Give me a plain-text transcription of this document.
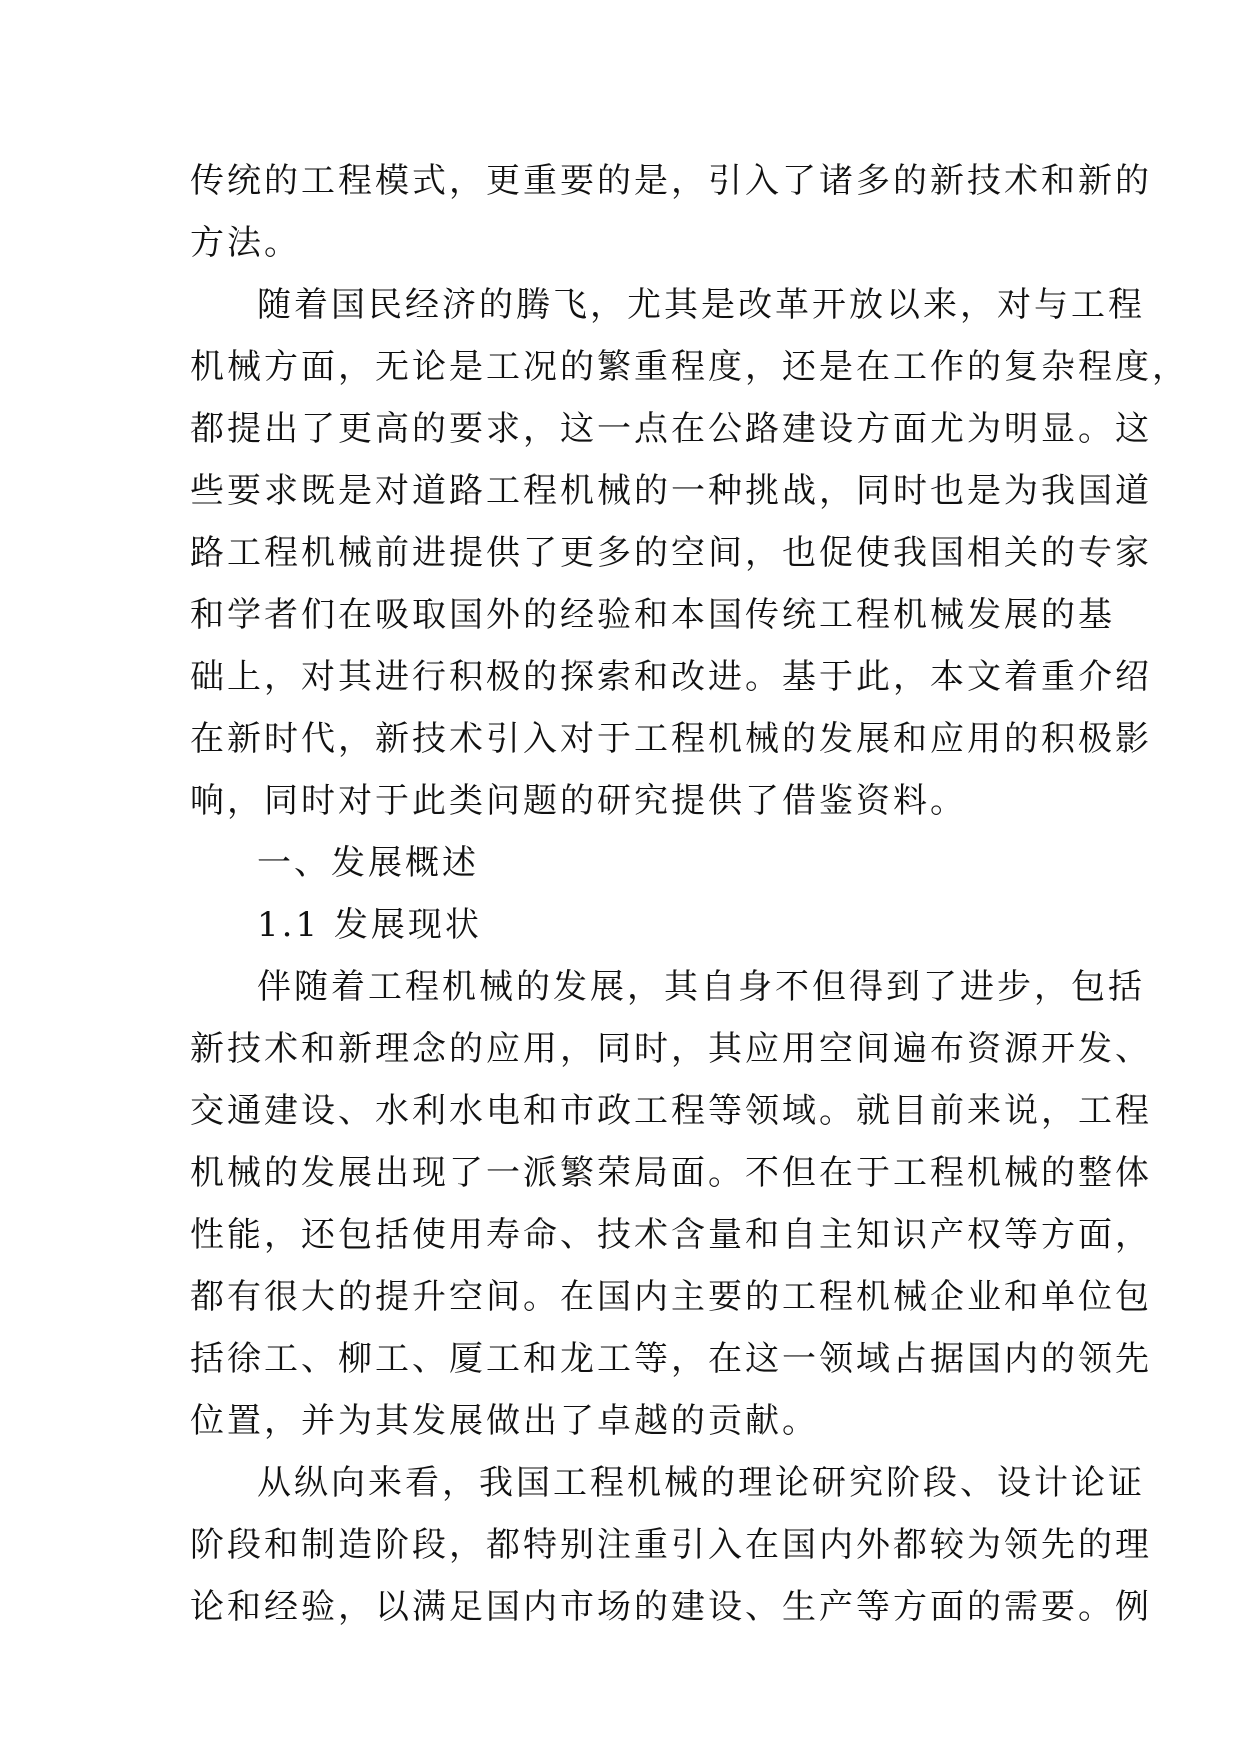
传统的工程模式，更重要的是，引入了诸多的新技术和新的
方法。
随着国民经济的腾飞，尤其是改革开放以来，对与工程
机械方面，无论是工况的繁重程度，还是在工作的复杂程度，
都提出了更高的要求，这一点在公路建设方面尤为明显。这
些要求既是对道路工程机械的一种挑战，同时也是为我国道
路工程机械前进提供了更多的空间，也促使我国相关的专家
和学者们在吸取国外的经验和本国传统工程机械发展的基
础上，对其进行积极的探索和改进。基于此，本文着重介绍
在新时代，新技术引入对于工程机械的发展和应用的积极影
响，同时对于此类问题的研究提供了借鉴资料。
一、发展概述
1.1 发展现状
伴随着工程机械的发展，其自身不但得到了进步，包括
新技术和新理念的应用，同时，其应用空间遍布资源开发、
交通建设、水利水电和市政工程等领域。就目前来说，工程
机械的发展出现了一派繁荣局面。不但在于工程机械的整体
性能，还包括使用寿命、技术含量和自主知识产权等方面，
都有很大的提升空间。在国内主要的工程机械企业和单位包
括徐工、柳工、厦工和龙工等，在这一领域占据国内的领先
位置，并为其发展做出了卓越的贡献。
从纵向来看，我国工程机械的理论研究阶段、设计论证
阶段和制造阶段，都特别注重引入在国内外都较为领先的理
论和经验，以满足国内市场的建设、生产等方面的需要。例
